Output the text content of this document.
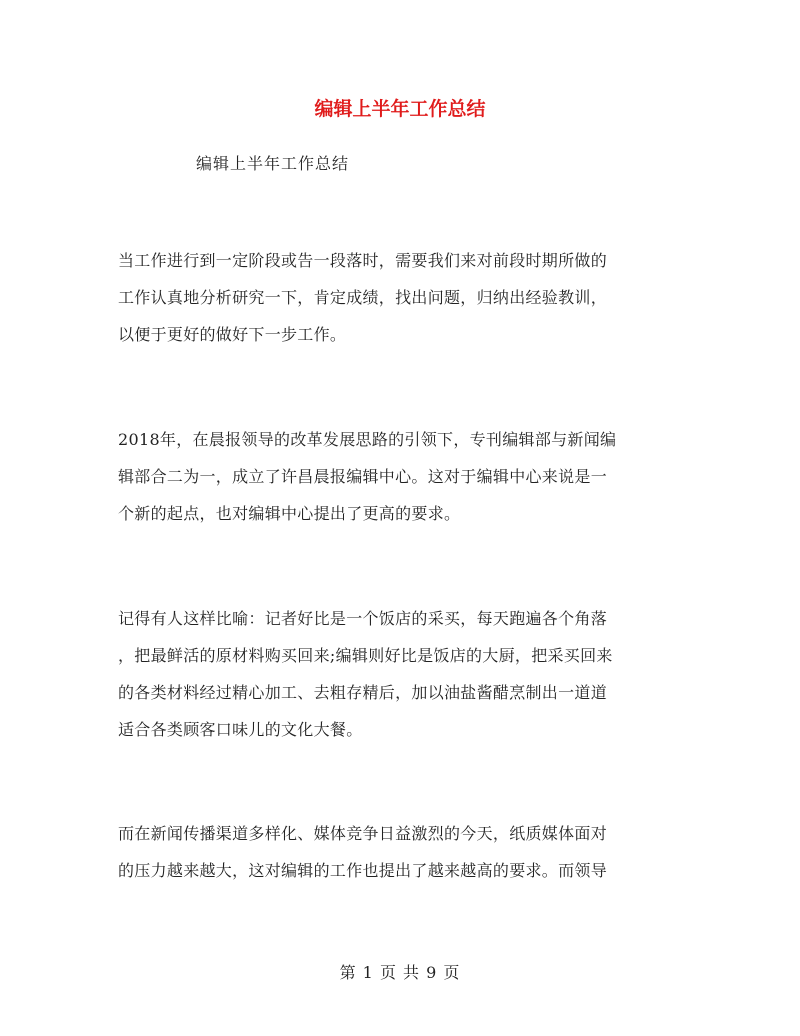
编辑上半年工作总结
编辑上半年工作总结
当工作进行到一定阶段或告一段落时，需要我们来对前段时期所做的
工作认真地分析研究一下，肯定成绩，找出问题，归纳出经验教训，
以便于更好的做好下一步工作。
2018年，在晨报领导的改革发展思路的引领下，专刊编辑部与新闻编
辑部合二为一，成立了许昌晨报编辑中心。这对于编辑中心来说是一
个新的起点，也对编辑中心提出了更高的要求。
记得有人这样比喻：记者好比是一个饭店的采买，每天跑遍各个角落
，把最鲜活的原材料购买回来;编辑则好比是饭店的大厨，把采买回来
的各类材料经过精心加工、去粗存精后，加以油盐酱醋烹制出一道道
适合各类顾客口味儿的文化大餐。
而在新闻传播渠道多样化、媒体竞争日益激烈的今天，纸质媒体面对
的压力越来越大，这对编辑的工作也提出了越来越高的要求。而领导
第 1 页 共 9 页
